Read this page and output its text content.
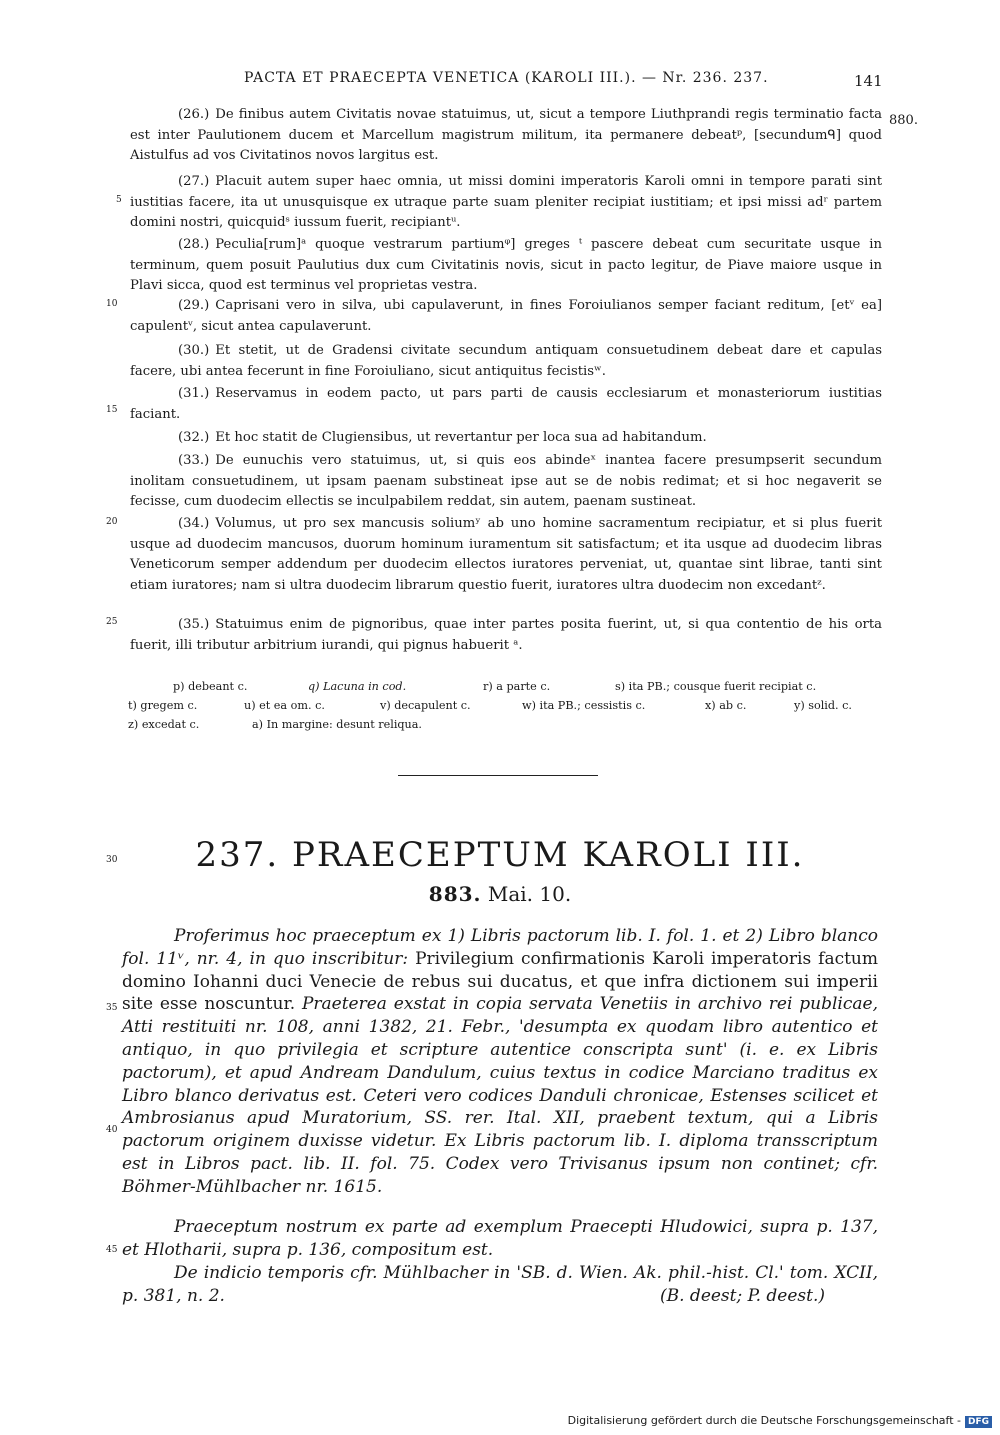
PACTA ET PRAECEPTA VENETICA (KAROLI III.). — Nr. 236. 237.	141
880.
5
10
15
20
25
30
35
40
45
(26.) De finibus autem Civitatis novae statuimus, ut, sicut a tempore Liuthprandi regis terminatio facta est inter Paulutionem ducem et Marcellum magistrum militum, ita permanere debeatᵖ, [secundumᑫ] quod Aistulfus ad vos Civitatinos novos largitus est.
(27.) Placuit autem super haec omnia, ut missi domini imperatoris Karoli omni in tempore parati sint iustitias facere, ita ut unusquisque ex utraque parte suam pleniter recipiat iustitiam; et ipsi missi adʳ partem domini nostri, quicquidˢ iussum fuerit, recipiantᵘ.
(28.) Peculia[rum]ᵃ quoque vestrarum partiumᵠ] greges ᵗ pascere debeat cum securitate usque in terminum, quem posuit Paulutius dux cum Civitatinis novis, sicut in pacto legitur, de Piave maiore usque in Plavi sicca, quod est terminus vel proprietas vestra.
(29.) Caprisani vero in silva, ubi capulaverunt, in fines Foroiulianos semper faciant reditum, [etᵛ ea] capulentᵛ, sicut antea capulaverunt.
(30.) Et stetit, ut de Gradensi civitate secundum antiquam consuetudinem debeat dare et capulas facere, ubi antea fecerunt in fine Foroiuliano, sicut antiquitus fecistisʷ.
(31.) Reservamus in eodem pacto, ut pars parti de causis ecclesiarum et monasteriorum iustitias faciant.
(32.) Et hoc statit de Clugiensibus, ut revertantur per loca sua ad habitandum.
(33.) De eunuchis vero statuimus, ut, si quis eos abindeˣ inantea facere presumpserit secundum inolitam consuetudinem, ut ipsam paenam substineat ipse aut se de nobis redimat; et si hoc negaverit se fecisse, cum duodecim ellectis se inculpabilem reddat, sin autem, paenam sustineat.
(34.) Volumus, ut pro sex mancusis soliumʸ ab uno homine sacramentum recipiatur, et si plus fuerit usque ad duodecim mancusos, duorum hominum iuramentum sit satisfactum; et ita usque ad duodecim libras Veneticorum semper addendum per duodecim ellectos iuratores perveniat, ut, quantae sint librae, tanti sint etiam iuratores; nam si ultra duodecim librarum questio fuerit, iuratores ultra duodecim non excedantᶻ.
(35.) Statuimus enim de pignoribus, quae inter partes posita fuerint, ut, si qua contentio de his orta fuerit, illi tributur arbitrium iurandi, qui pignus habuerit ᵃ.
p) debeant c.	q) Lacuna in cod.	r) a parte c.	s) ita PB.; cousque fuerit recipiat c.
t) gregem c.	u) et ea om. c.	v) decapulent c.	w) ita PB.; cessistis c.	x) ab c.	y) solid. c.
z) excedat c.	a) In margine: desunt reliqua.
237. PRAECEPTUM KAROLI III.
883. Mai. 10.
Proferimus hoc praeceptum ex 1) Libris pactorum lib. I. fol. 1. et 2) Libro blanco fol. 11ᵛ, nr. 4, in quo inscribitur: Privilegium confirmationis Karoli imperatoris factum domino Iohanni duci Venecie de rebus sui ducatus, et que infra dictionem sui imperii site esse noscuntur. Praeterea exstat in copia servata Venetiis in archivo rei publicae, Atti restituiti nr. 108, anni 1382, 21. Febr., 'desumpta ex quodam libro autentico et antiquo, in quo privilegia et scripture autentice conscripta sunt' (i. e. ex Libris pactorum), et apud Andream Dandulum, cuius textus in codice Marciano traditus ex Libro blanco derivatus est. Ceteri vero codices Danduli chronicae, Estenses scilicet et Ambrosianus apud Muratorium, SS. rer. Ital. XII, praebent textum, qui a Libris pactorum originem duxisse videtur. Ex Libris pactorum lib. I. diploma transscriptum est in Libros pact. lib. II. fol. 75. Codex vero Trivisanus ipsum non continet; cfr. Böhmer-Mühlbacher nr. 1615.
Praeceptum nostrum ex parte ad exemplum Praecepti Hludowici, supra p. 137, et Hlotharii, supra p. 136, compositum est.
De indicio temporis cfr. Mühlbacher in 'SB. d. Wien. Ak. phil.-hist. Cl.' tom. XCII, p. 381, n. 2.	(B. deest; P. deest.)
Digitalisierung gefördert durch die Deutsche Forschungsgemeinschaft - DFG
